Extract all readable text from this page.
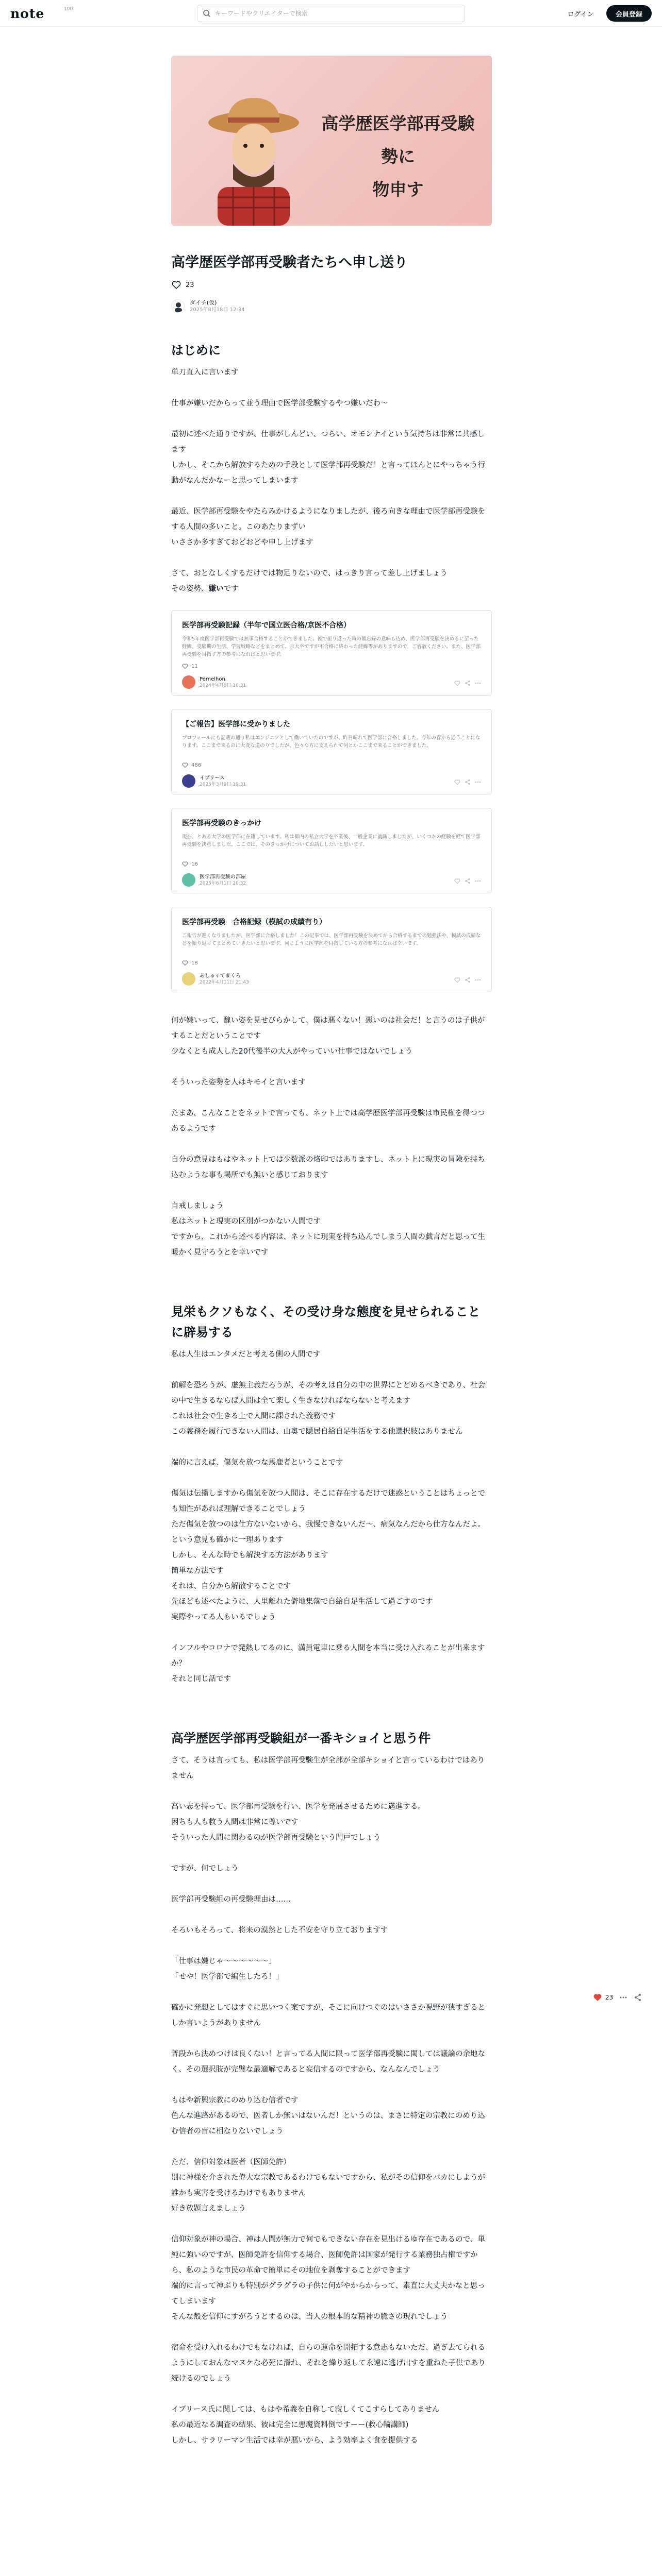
note	10th
キーワードやクリエイターで検索
ログイン	会員登録
高学歴医学部再受験勢に
物申す
高学歴医学部再受験者たちへ申し送り
23
ダイチ(仮)
2025年8月18日 12:34
はじめに

単刀直入に言います

仕事が嫌いだからって並う理由で医学部受験するやつ嫌いだわ〜

最初に述べた通りですが、仕事がしんどい、つらい、オモンナイという気持ちは非常に共感します

しかし、そこから解放するための手段として医学部再受験だ！と言ってほんとにやっちゃう行動がなんだかなーと思ってしまいます

最近、医学部再受験をやたらみかけるようになりましたが、後ろ向きな理由で医学部再受験をする人間の多いこと。このあたりまずい

いささか多すぎておどおどや申し上げます

さて、おとなしくするだけでは物足りないので、はっきり言って差し上げましょう

その姿勢、嫌いです

医学部再受験記録（半年で国立医合格/京医不合格）
令和5年度医学部再受験では無事合格することができました。後で振り返った時の備忘録の意味も込め、医学部再受験を決めるに至った経緯、受験期の生活、学習戦略などをまとめて。京大卒ですが不合格に終わった経緯等がありますので、ご容赦ください。また、医学部再受験を目指す方の参考になればと思います。
11
Pernelhon
2024年4月8日 10:31
【ご報告】医学部に受かりました
プロフィールにも記載の通り私はエンジニアとして働いていたのですが、昨日晴れて医学部に合格しました。今年の春から通うことになります。ここまで来るのに大変な道のりでしたが、色々な方に支えられて何とかここまで来ることができました。
486
イブリース
2025年3月9日 19:31
医学部再受験のきっかけ
現在、とある大学の医学部に在籍しています。私は都内の私立大学を卒業後、一般企業に就職しましたが、いくつかの経験を経て医学部再受験を決意しました。ここでは、そのきっかけについてお話ししたいと思います。
16
医学部再受験の部屋
2025年6月1日 20:32
医学部再受験　合格記録（模試の成績有り）
ご報告が遅くなりましたが、医学部に合格しました！この記事では、医学部再受験を決めてから合格するまでの勉強法や、模試の成績などを振り返ってまとめていきたいと思います。同じように医学部を目指している方の参考になれば幸いです。
18
あしゅゃてまくろ
2022年4月11日 21:43

何が嫌いって、醜い姿を見せびらかして、僕は悪くない！悪いのは社会だ！と言うのは子供がすることだということです

少なくとも成人した20代後半の大人がやっていい仕事ではないでしょう

そういった姿勢を人はキモイと言います

たまあ、こんなことをネットで言っても、ネット上では高学歴医学部再受験は市民権を得つつあるようです

自分の意見はもはやネット上では少数派の烙印ではありますし、ネット上に現実の冒険を持ち込むような事も場所でも無いと感じております

自戒しましょう

私はネットと現実の区別がつかない人間です

ですから、これから述べる内容は、ネットに現実を持ち込んでしまう人間の戯言だと思って生暖かく見守ろうとを幸いです

見栄もクソもなく、その受け身な態度を見せられることに辟易する

私は人生はエンタメだと考える側の人間です

前解を恐ろうが、虚無主義だろうが、その考えは自分の中の世界にとどめるべきであり、社会の中で生きるならば人間は全て楽しく生きなければならないと考えます

これは社会で生きる上で人間に課された義務です

この義務を履行できない人間は、山奥で隠居自給自足生活をする他選択肢はありません

端的に言えば、傷気を放つな馬鹿者ということです

傷気は伝播しますから傷気を放つ人間は、そこに存在するだけで迷惑ということはちょっとでも知性があれば理解できることでしょう

ただ傷気を放つのは仕方ないないから、我慢できないんだ〜、病気なんだから仕方なんだよ。という意見も確かに一理あります

しかし、そんな時でも解決する方法があります

簡単な方法です

それは、自分から解散することです

先ほども述べたように、人里離れた僻地集落で自給自足生活して過ごすのです

実際やってる人もいるでしょう

インフルやコロナで発熱してるのに、満員電車に乗る人間を本当に受け入れることが出来ますか？

それと同じ話です

高学歴医学部再受験組が一番キショイと思う件

さて、そうは言っても、私は医学部再受験生が全部が全部キショイと言っているわけではありません

高い志を持って、医学部再受験を行い、医学を発展させるために邁進する。

困ちも人も救う人間は非常に尊いです

そういった人間に関わるのが医学部再受験という門戸でしょう

ですが、何でしょう

医学部再受験組の再受験理由は……

そろいもそろって、将来の漠然とした不安を守り立ておりますす

「仕事は嫌じゃ〜〜〜〜〜〜」

「せや！医学部で編生したろ！」

確かに発想としてはすぐに思いつく案ですが、そこに向けつぐのはいささか視野が狭すぎるとしか言いようがありません

普段から決めつけは良くない！と言ってる人間に限って医学部再受験に関しては議論の余地なく、その選択肢が完璧な最適解であると妄信するのですから、なんなんでしょう

もはや新興宗教にのめり込む信者です

色んな進路があるので、医者しか無いはないんだ！というのは、まさに特定の宗教にのめり込む信者の盲に相なりないでしょう

ただ、信仰対象は医者（医師免許）

別に神様を介された偉大な宗教であるわけでもないですから、私がその信仰をバカにしようが誰かも実害を受けるわけでもありません

好き放題言えましょう

信仰対象が神の場合、神は人間が無力で何でもできない存在を見出けるゆ存在であるので、単純に強いのですが、医師免許を信仰する場合、医師免許は国家が発行する業務独占権ですから、私のような市民の革命で簡単にその地位を剥奪することができます

端的に言って神ぶりも特別がグラグラの子供に何がやからからって、素直に大丈夫かなと思ってしまいます

そんな殻を信仰にすがろうとするのは、当人の根本的な精神の脆さの現れでしょう

宿命を受け入れるわけでもなければ、自らの運命を開拓する意志もないただ、過ぎ去てられるようにしておんなマヌケな必死に滑れ、それを繰り返して永遠に逃げ出すを重ねた子供であり続けるのでしょう

イブリース氏に関しては、もはや希義を自称して寂しくてこすらしてありません

私の最近なる調査の結果、彼は完全に悪魔資料倒ですーー(救心輪講師)

しかし、サラリーマン生活では幸が悪いから、よう効率よく食を提供する

23
